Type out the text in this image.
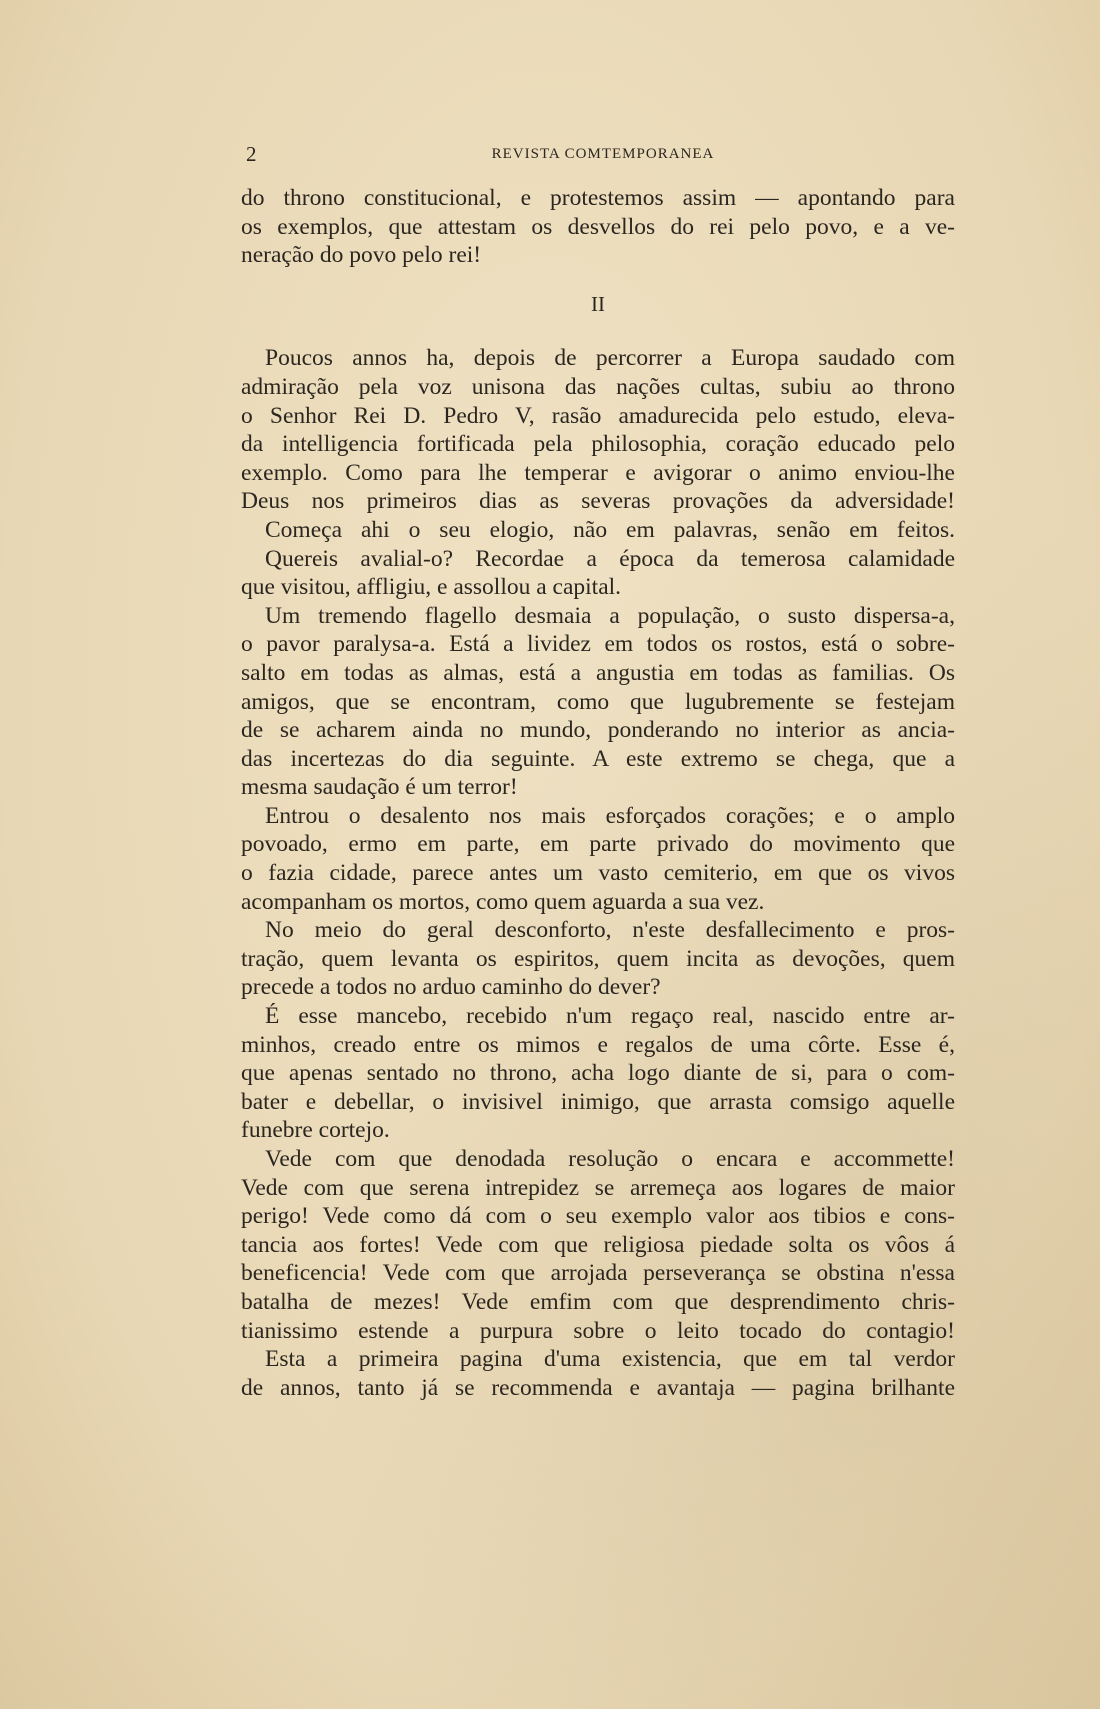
2	REVISTA COMTEMPORANEA
do throno constitucional, e protestemos assim — apontando para
os exemplos, que attestam os desvellos do rei pelo povo, e a ve-
neração do povo pelo rei!
II
Poucos annos ha, depois de percorrer a Europa saudado com
admiração pela voz unisona das nações cultas, subiu ao throno
o Senhor Rei D. Pedro V, rasão amadurecida pelo estudo, eleva-
da intelligencia fortificada pela philosophia, coração educado pelo
exemplo. Como para lhe temperar e avigorar o animo enviou-lhe
Deus nos primeiros dias as severas provações da adversidade!
Começa ahi o seu elogio, não em palavras, senão em feitos.
Quereis avalial-o? Recordae a época da temerosa calamidade
que visitou, affligiu, e assollou a capital.
Um tremendo flagello desmaia a população, o susto dispersa-a,
o pavor paralysa-a. Está a lividez em todos os rostos, está o sobre-
salto em todas as almas, está a angustia em todas as familias. Os
amigos, que se encontram, como que lugubremente se festejam
de se acharem ainda no mundo, ponderando no interior as ancia-
das incertezas do dia seguinte. A este extremo se chega, que a
mesma saudação é um terror!
Entrou o desalento nos mais esforçados corações; e o amplo
povoado, ermo em parte, em parte privado do movimento que
o fazia cidade, parece antes um vasto cemiterio, em que os vivos
acompanham os mortos, como quem aguarda a sua vez.
No meio do geral desconforto, n'este desfallecimento e pros-
tração, quem levanta os espiritos, quem incita as devoções, quem
precede a todos no arduo caminho do dever?
É esse mancebo, recebido n'um regaço real, nascido entre ar-
minhos, creado entre os mimos e regalos de uma côrte. Esse é,
que apenas sentado no throno, acha logo diante de si, para o com-
bater e debellar, o invisivel inimigo, que arrasta comsigo aquelle
funebre cortejo.
Vede com que denodada resolução o encara e accommette!
Vede com que serena intrepidez se arremeça aos logares de maior
perigo! Vede como dá com o seu exemplo valor aos tibios e cons-
tancia aos fortes! Vede com que religiosa piedade solta os vôos á
beneficencia! Vede com que arrojada perseverança se obstina n'essa
batalha de mezes! Vede emfim com que desprendimento chris-
tianissimo estende a purpura sobre o leito tocado do contagio!
Esta a primeira pagina d'uma existencia, que em tal verdor
de annos, tanto já se recommenda e avantaja — pagina brilhante
